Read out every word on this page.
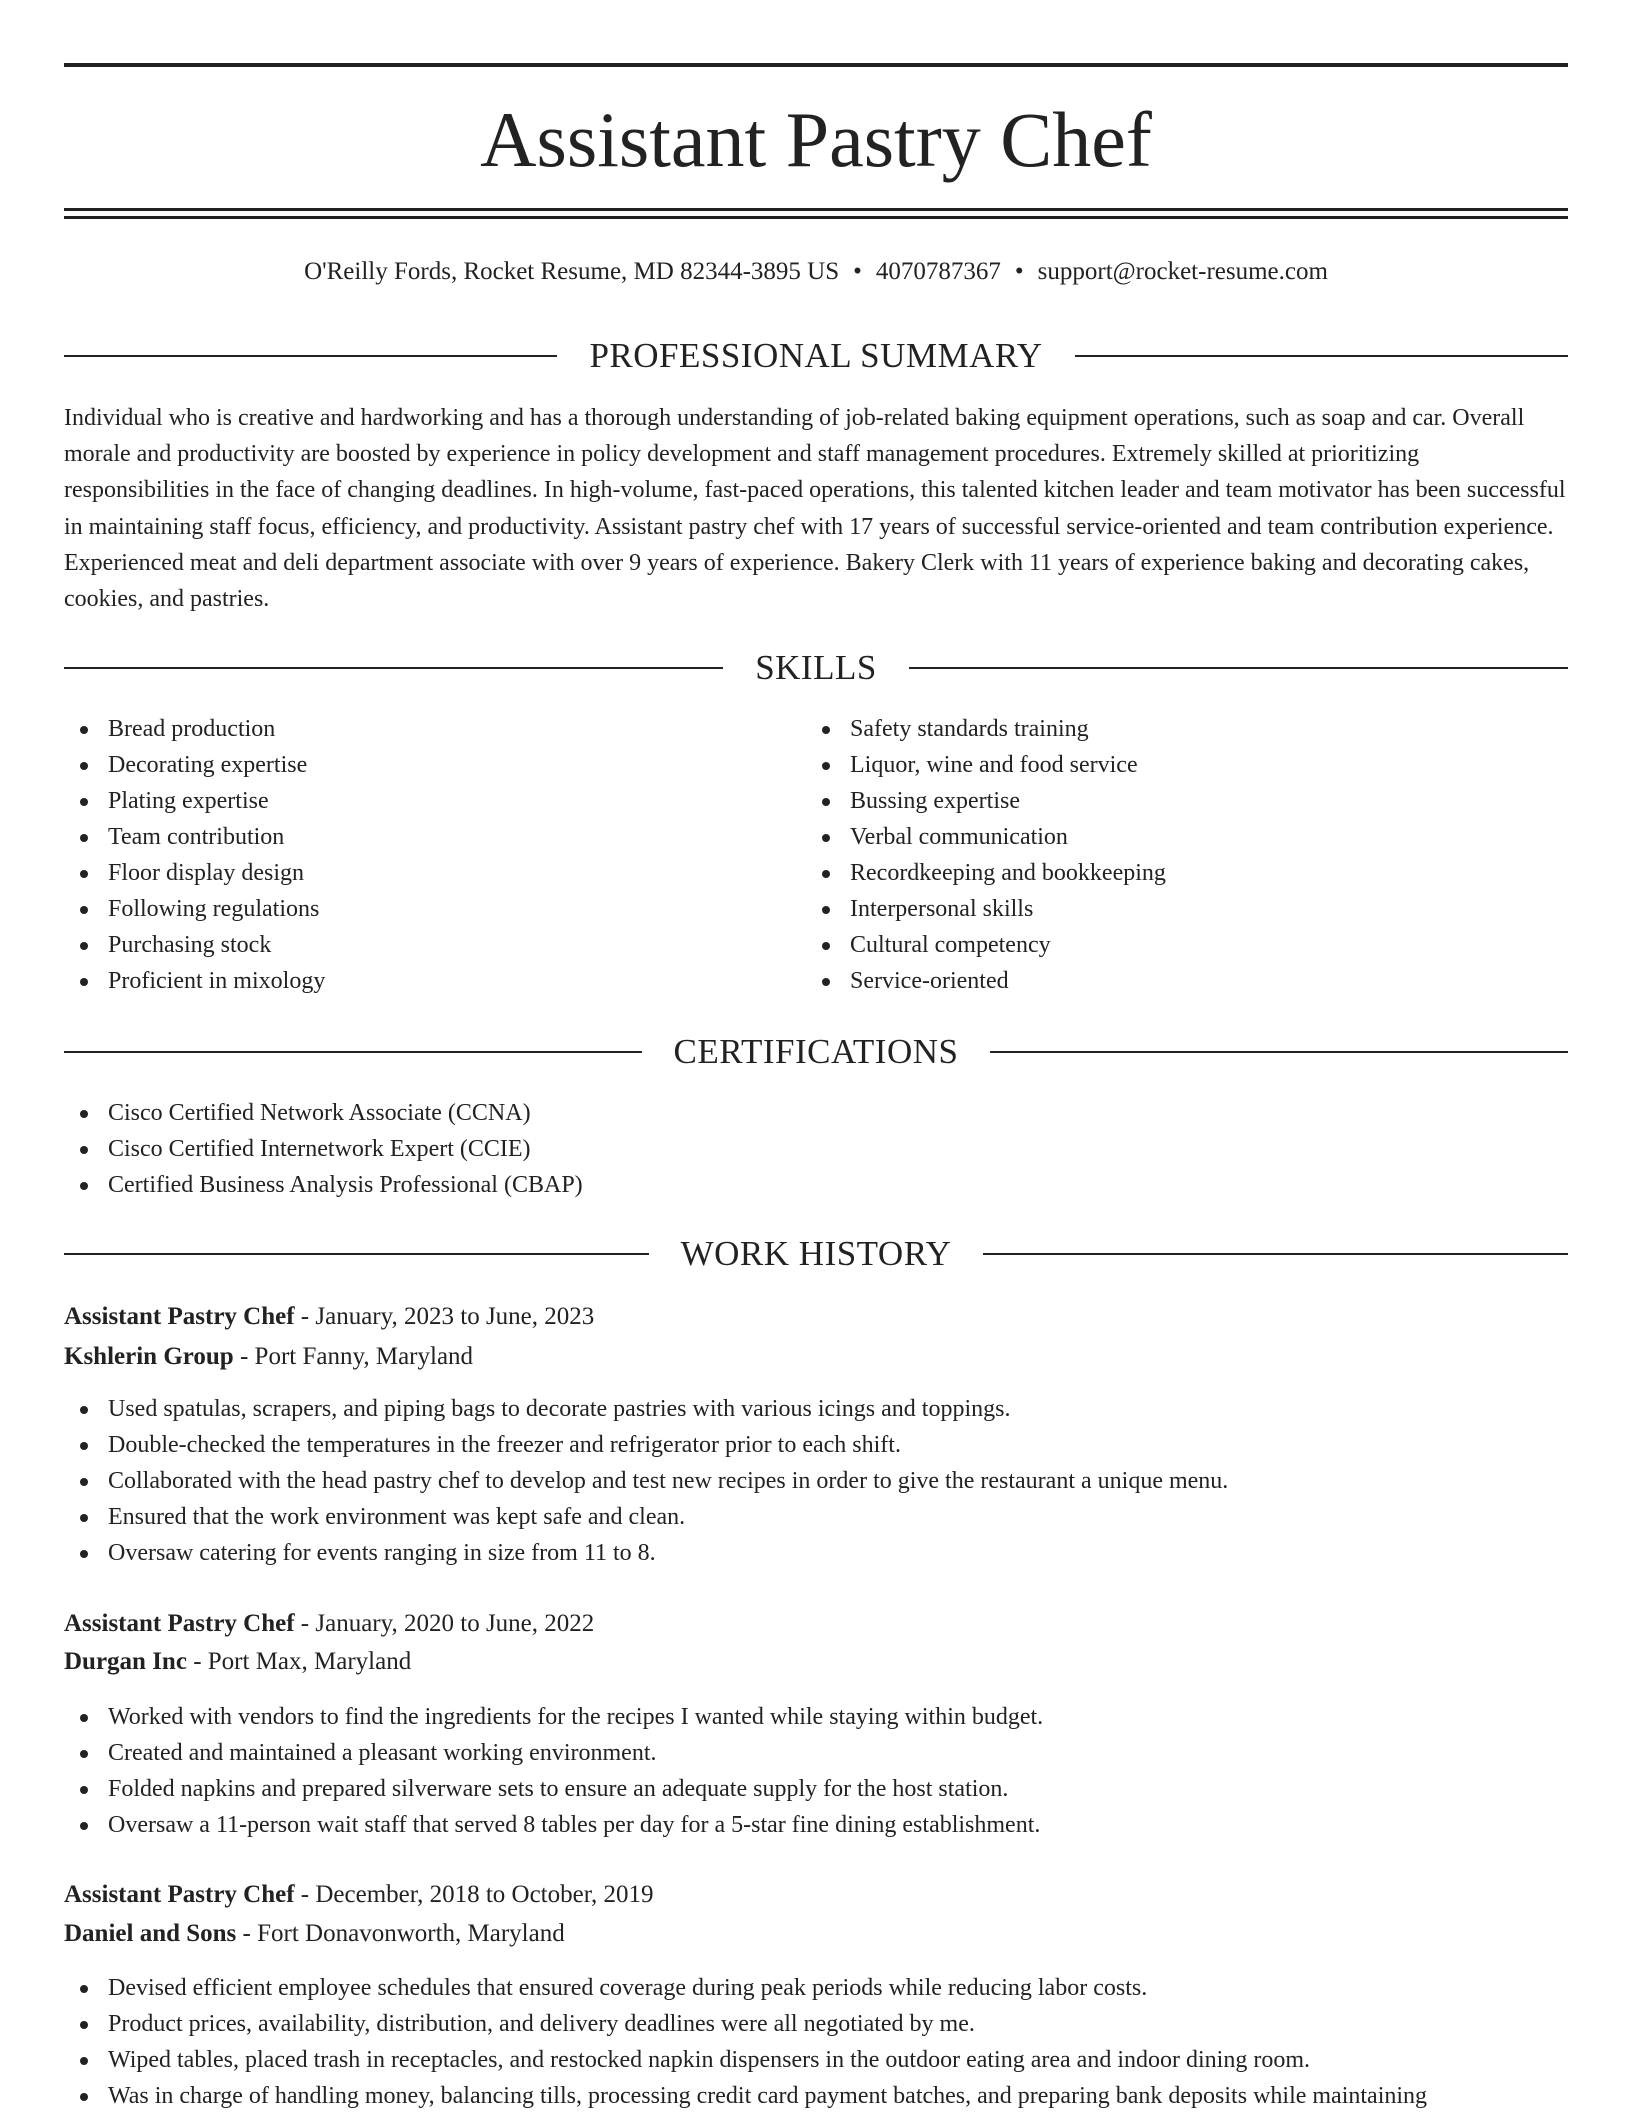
Assistant Pastry Chef
O'Reilly Fords, Rocket Resume, MD 82344-3895 US • 4070787367 • support@rocket-resume.com
PROFESSIONAL SUMMARY

Individual who is creative and hardworking and has a thorough understanding of job-related baking equipment operations, such as soap and car. Overall morale and productivity are boosted by experience in policy development and staff management procedures. Extremely skilled at prioritizing responsibilities in the face of changing deadlines. In high-volume, fast-paced operations, this talented kitchen leader and team motivator has been successful in maintaining staff focus, efficiency, and productivity. Assistant pastry chef with 17 years of successful service-oriented and team contribution experience. Experienced meat and deli department associate with over 9 years of experience. Bakery Clerk with 11 years of experience baking and decorating cakes, cookies, and pastries.

SKILLS
Bread production
Decorating expertise
Plating expertise
Team contribution
Floor display design
Following regulations
Purchasing stock
Proficient in mixology
Safety standards training
Liquor, wine and food service
Bussing expertise
Verbal communication
Recordkeeping and bookkeeping
Interpersonal skills
Cultural competency
Service-oriented
CERTIFICATIONS
Cisco Certified Network Associate (CCNA)
Cisco Certified Internetwork Expert (CCIE)
Certified Business Analysis Professional (CBAP)
WORK HISTORY
Assistant Pastry Chef - January, 2023 to June, 2023
Kshlerin Group - Port Fanny, Maryland
Used spatulas, scrapers, and piping bags to decorate pastries with various icings and toppings.
Double-checked the temperatures in the freezer and refrigerator prior to each shift.
Collaborated with the head pastry chef to develop and test new recipes in order to give the restaurant a unique menu.
Ensured that the work environment was kept safe and clean.
Oversaw catering for events ranging in size from 11 to 8.
Assistant Pastry Chef - January, 2020 to June, 2022
Durgan Inc - Port Max, Maryland
Worked with vendors to find the ingredients for the recipes I wanted while staying within budget.
Created and maintained a pleasant working environment.
Folded napkins and prepared silverware sets to ensure an adequate supply for the host station.
Oversaw a 11-person wait staff that served 8 tables per day for a 5-star fine dining establishment.
Assistant Pastry Chef - December, 2018 to October, 2019
Daniel and Sons - Fort Donavonworth, Maryland
Devised efficient employee schedules that ensured coverage during peak periods while reducing labor costs.
Product prices, availability, distribution, and delivery deadlines were all negotiated by me.
Wiped tables, placed trash in receptacles, and restocked napkin dispensers in the outdoor eating area and indoor dining room.
Was in charge of handling money, balancing tills, processing credit card payment batches, and preparing bank deposits while maintaining
